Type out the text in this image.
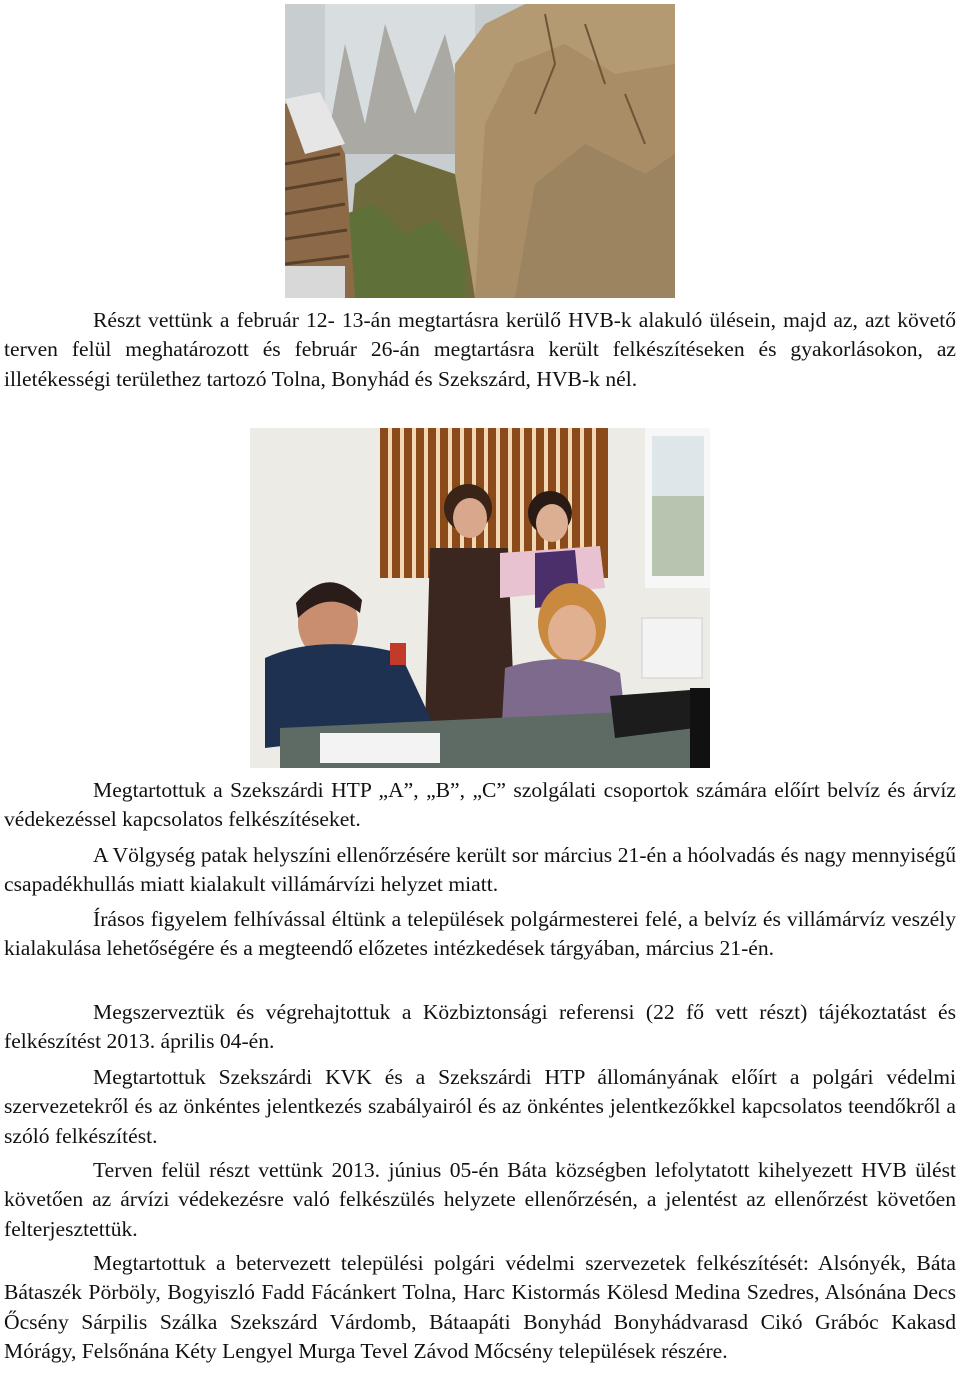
Részt vettünk a február 12- 13-án megtartásra kerülő HVB-k alakuló ülésein, majd az, azt követő terven felül meghatározott és február 26-án megtartásra került felkészítéseken és gyakorlásokon, az illetékességi területhez tartozó Tolna, Bonyhád és Szekszárd, HVB-k nél.

Megtartottuk a Szekszárdi HTP „A”, „B”, „C” szolgálati csoportok számára előírt belvíz és árvíz védekezéssel kapcsolatos felkészítéseket.

A Völgység patak helyszíni ellenőrzésére került sor március 21-én a hóolvadás és nagy mennyiségű csapadékhullás miatt kialakult villámárvízi helyzet miatt.

Írásos figyelem felhívással éltünk a települések polgármesterei felé, a belvíz és villámárvíz veszély kialakulása lehetőségére és a megteendő előzetes intézkedések tárgyában, március 21-én.

Megszerveztük és végrehajtottuk a Közbiztonsági referensi (22 fő vett részt) tájékoztatást és felkészítést 2013. április 04-én.

Megtartottuk Szekszárdi KVK és a Szekszárdi HTP állományának előírt a polgári védelmi szervezetekről és az önkéntes jelentkezés szabályairól és az önkéntes jelentkezőkkel kapcsolatos teendőkről a szóló felkészítést.

Terven felül részt vettünk 2013. június 05-én Báta községben lefolytatott kihelyezett HVB ülést követően az árvízi védekezésre való felkészülés helyzete ellenőrzésén, a jelentést az ellenőrzést követően felterjesztettük.

Megtartottuk a betervezett települési polgári védelmi szervezetek felkészítését: Alsónyék, Báta Bátaszék Pörböly, Bogyiszló Fadd Fácánkert Tolna, Harc Kistormás Kölesd Medina Szedres, Alsónána Decs Őcsény Sárpilis Szálka Szekszárd Várdomb, Bátaapáti Bonyhád Bonyhádvarasd Cikó Grábóc Kakasd Mórágy, Felsőnána Kéty Lengyel Murga Tevel Závod Mőcsény települések részére.
